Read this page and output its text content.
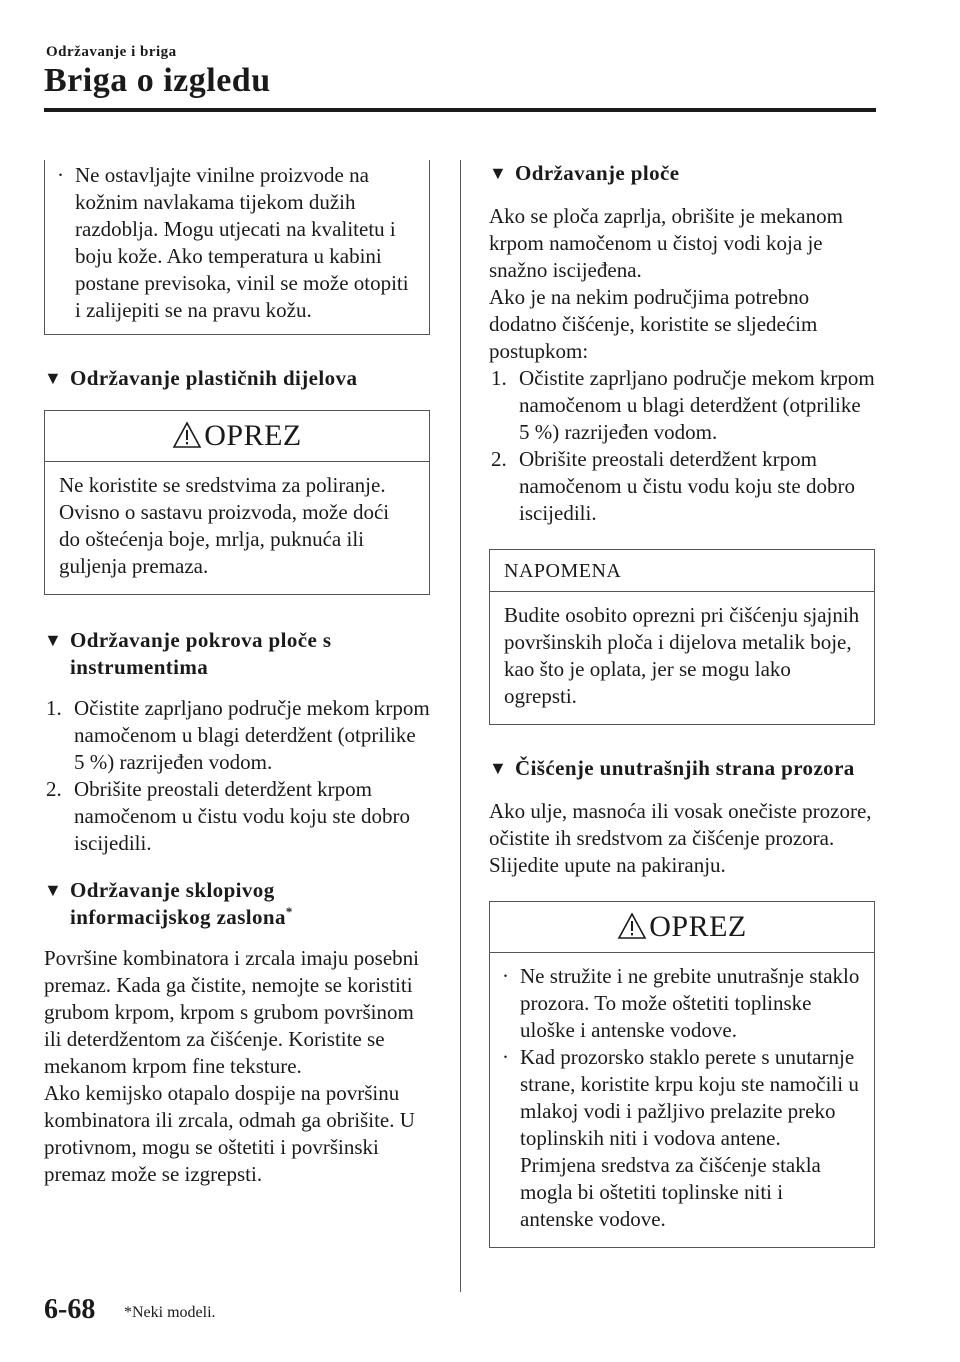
Održavanje i briga
Briga o izgledu
· Ne ostavljajte vinilne proizvode na kožnim navlakama tijekom dužih razdoblja. Mogu utjecati na kvalitetu i boju kože. Ako temperatura u kabini postane previsoka, vinil se može otopiti i zalijepiti se na pravu kožu.

▼ Održavanje plastičnih dijelova

OPREZ
Ne koristite se sredstvima za poliranje. Ovisno o sastavu proizvoda, može doći do oštećenja boje, mrlja, puknuća ili guljenja premaza.
▼ Održavanje pokrova ploče s
instrumentima
1. Očistite zaprljano područje mekom krpom namočenom u blagi deterdžent (otprilike 5 %) razrijeđen vodom.
2. Obrišite preostali deterdžent krpom namočenom u čistu vodu koju ste dobro iscijedili.
▼ Održavanje sklopivog
informacijskog zaslona*

Površine kombinatora i zrcala imaju posebni premaz. Kada ga čistite, nemojte se koristiti grubom krpom, krpom s grubom površinom ili deterdžentom za čišćenje. Koristite se mekanom krpom fine teksture.

Ako kemijsko otapalo dospije na površinu kombinatora ili zrcala, odmah ga obrišite. U protivnom, mogu se oštetiti i površinski premaz može se izgrepsti.

▼ Održavanje ploče

Ako se ploča zaprlja, obrišite je mekanom krpom namočenom u čistoj vodi koja je snažno iscijeđena.

Ako je na nekim područjima potrebno dodatno čišćenje, koristite se sljedećim postupkom:

1. Očistite zaprljano područje mekom krpom namočenom u blagi deterdžent (otprilike 5 %) razrijeđen vodom.
2. Obrišite preostali deterdžent krpom namočenom u čistu vodu koju ste dobro iscijedili.
NAPOMENA
Budite osobito oprezni pri čišćenju sjajnih površinskih ploča i dijelova metalik boje, kao što je oplata, jer se mogu lako ogrepsti.

▼ Čišćenje unutrašnjih strana prozora

Ako ulje, masnoća ili vosak onečiste prozore, očistite ih sredstvom za čišćenje prozora. Slijedite upute na pakiranju.

OPREZ
· Ne stružite i ne grebite unutrašnje staklo prozora. To može oštetiti toplinske uloške i antenske vodove.
· Kad prozorsko staklo perete s unutarnje strane, koristite krpu koju ste namočili u mlakoj vodi i pažljivo prelazite preko toplinskih niti i vodova antene.
Primjena sredstva za čišćenje stakla mogla bi oštetiti toplinske niti i antenske vodove.
6-68 *Neki modeli.
